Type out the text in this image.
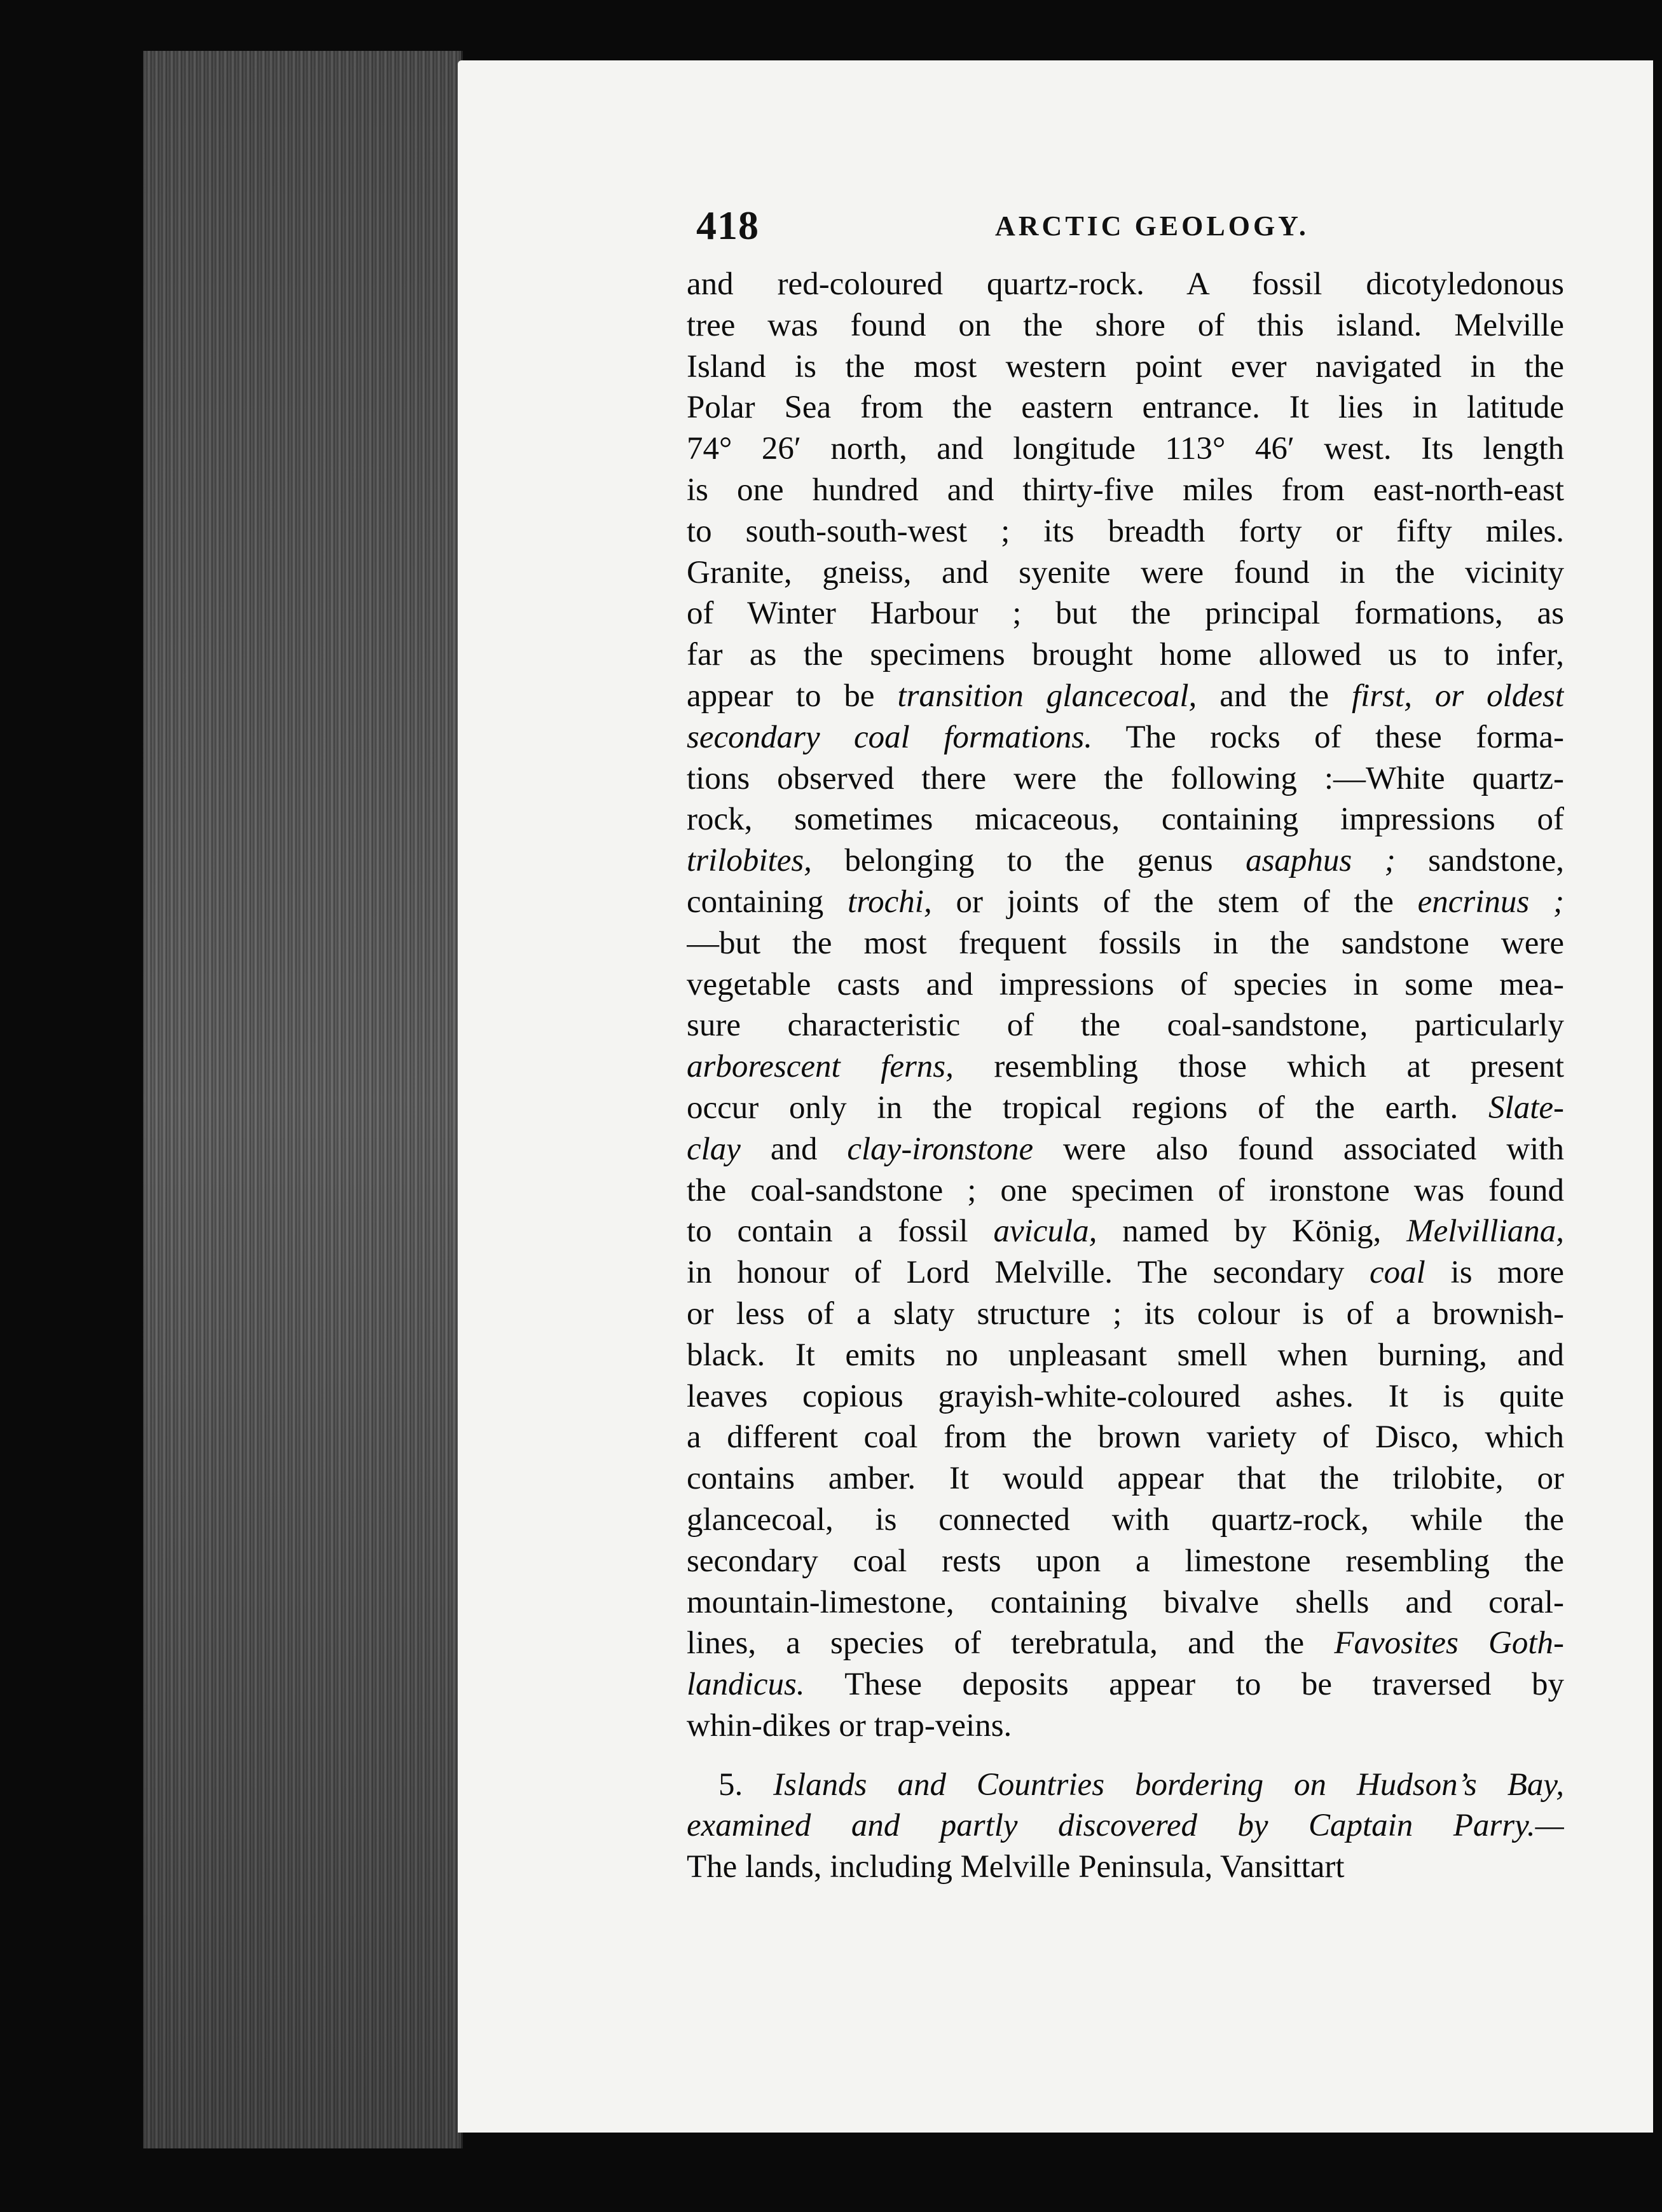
418	ARCTIC GEOLOGY.
and red-coloured quartz-rock. A fossil dicotyledonous
tree was found on the shore of this island. Melville
Island is the most western point ever navigated in the
Polar Sea from the eastern entrance. It lies in latitude
74° 26′ north, and longitude 113° 46′ west. Its length
is one hundred and thirty-five miles from east-north-east
to south-south-west ; its breadth forty or fifty miles.
Granite, gneiss, and syenite were found in the vicinity
of Winter Harbour ; but the principal formations, as
far as the specimens brought home allowed us to infer,
appear to be transition glancecoal, and the first, or oldest
secondary coal formations. The rocks of these forma-
tions observed there were the following :—White quartz-
rock, sometimes micaceous, containing impressions of
trilobites, belonging to the genus asaphus ; sandstone,
containing trochi, or joints of the stem of the encrinus ;
—but the most frequent fossils in the sandstone were
vegetable casts and impressions of species in some mea-
sure characteristic of the coal-sandstone, particularly
arborescent ferns, resembling those which at present
occur only in the tropical regions of the earth. Slate-
clay and clay-ironstone were also found associated with
the coal-sandstone ; one specimen of ironstone was found
to contain a fossil avicula, named by König, Melvilliana,
in honour of Lord Melville. The secondary coal is more
or less of a slaty structure ; its colour is of a brownish-
black. It emits no unpleasant smell when burning, and
leaves copious grayish-white-coloured ashes. It is quite
a different coal from the brown variety of Disco, which
contains amber. It would appear that the trilobite, or
glancecoal, is connected with quartz-rock, while the
secondary coal rests upon a limestone resembling the
mountain-limestone, containing bivalve shells and coral-
lines, a species of terebratula, and the Favosites Goth-
landicus. These deposits appear to be traversed by
whin-dikes or trap-veins.
5. Islands and Countries bordering on Hudson’s Bay,
examined and partly discovered by Captain Parry.—
The lands, including Melville Peninsula, Vansittart
